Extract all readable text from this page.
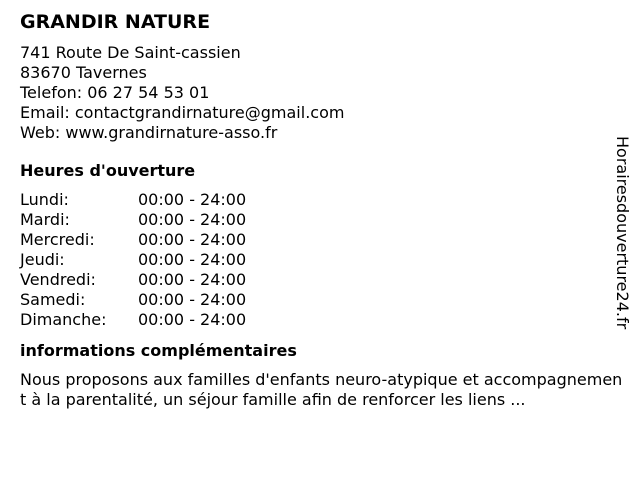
GRANDIR NATURE
741 Route De Saint-cassien
83670 Tavernes
Telefon: 06 27 54 53 01
Email: contactgrandirnature@gmail.com
Web: www.grandirnature-asso.fr
Heures d'ouverture
Lundi:	00:00 - 24:00
Mardi:	00:00 - 24:00
Mercredi:	00:00 - 24:00
Jeudi:	00:00 - 24:00
Vendredi:	00:00 - 24:00
Samedi:	00:00 - 24:00
Dimanche:	00:00 - 24:00
informations complémentaires
Nous proposons aux familles d'enfants neuro-atypique et accompagnement à la parentalité, un séjour famille afin de renforcer les liens ...
Horairesdouverture24.fr
